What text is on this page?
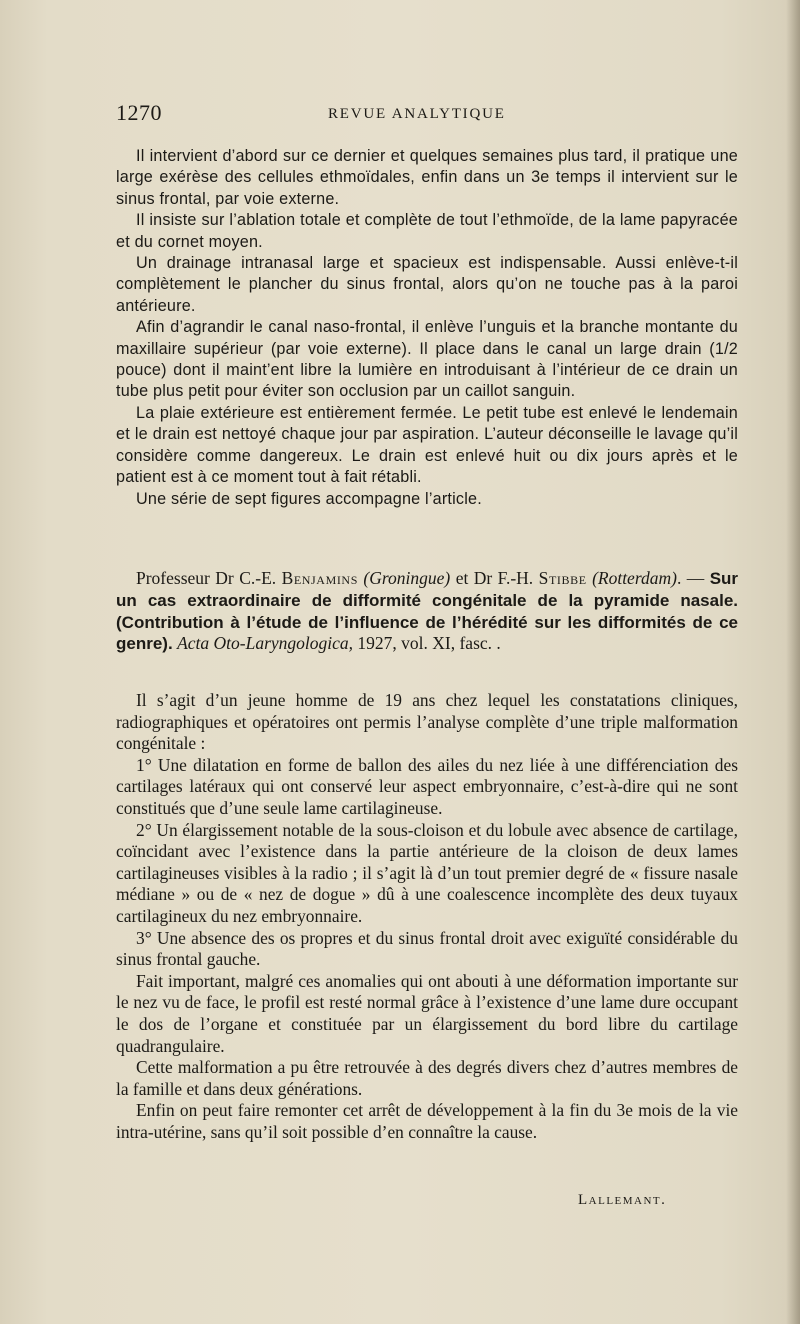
1270	REVUE ANALYTIQUE

Il intervient d’abord sur ce dernier et quelques semaines plus tard, il pratique une large exérèse des cellules ethmoïdales, enfin dans un 3e temps il intervient sur le sinus frontal, par voie externe.

Il insiste sur l’ablation totale et complète de tout l’ethmoïde, de la lame papyracée et du cornet moyen.

Un drainage intranasal large et spacieux est indispensable. Aussi enlève-t-il complètement le plancher du sinus frontal, alors qu’on ne touche pas à la paroi antérieure.

Afin d’agrandir le canal naso-frontal, il enlève l’unguis et la branche montante du maxillaire supérieur (par voie externe). Il place dans le canal un large drain (1/2 pouce) dont il maint’ent libre la lumière en introduisant à l’intérieur de ce drain un tube plus petit pour éviter son occlusion par un caillot sanguin.

La plaie extérieure est entièrement fermée. Le petit tube est enlevé le lendemain et le drain est nettoyé chaque jour par aspiration. L’auteur déconseille le lavage qu’il considère comme dangereux. Le drain est enlevé huit ou dix jours après et le patient est à ce moment tout à fait rétabli.

Une série de sept figures accompagne l’article.

Professeur Dr C.-E. Benjamins (Groningue) et Dr F.-H. Stibbe (Rotterdam). — Sur un cas extraordinaire de difformité congénitale de la pyramide nasale. (Contribution à l’étude de l’influence de l’hérédité sur les difformités de ce genre). Acta Oto-Laryngologica, 1927, vol. XI, fasc. .

Il s’agit d’un jeune homme de 19 ans chez lequel les constatations cliniques, radiographiques et opératoires ont permis l’analyse complète d’une triple malformation congénitale :

1° Une dilatation en forme de ballon des ailes du nez liée à une différenciation des cartilages latéraux qui ont conservé leur aspect embryonnaire, c’est-à-dire qui ne sont constitués que d’une seule lame cartilagineuse.

2° Un élargissement notable de la sous-cloison et du lobule avec absence de cartilage, coïncidant avec l’existence dans la partie antérieure de la cloison de deux lames cartilagineuses visibles à la radio ; il s’agit là d’un tout premier degré de « fissure nasale médiane » ou de « nez de dogue » dû à une coalescence incomplète des deux tuyaux cartilagineux du nez embryonnaire.

3° Une absence des os propres et du sinus frontal droit avec exiguïté considérable du sinus frontal gauche.

Fait important, malgré ces anomalies qui ont abouti à une déformation importante sur le nez vu de face, le profil est resté normal grâce à l’existence d’une lame dure occupant le dos de l’organe et constituée par un élargissement du bord libre du cartilage quadrangulaire.

Cette malformation a pu être retrouvée à des degrés divers chez d’autres membres de la famille et dans deux générations.

Enfin on peut faire remonter cet arrêt de développement à la fin du 3e mois de la vie intra-utérine, sans qu’il soit possible d’en connaître la cause.

Lallemant.
